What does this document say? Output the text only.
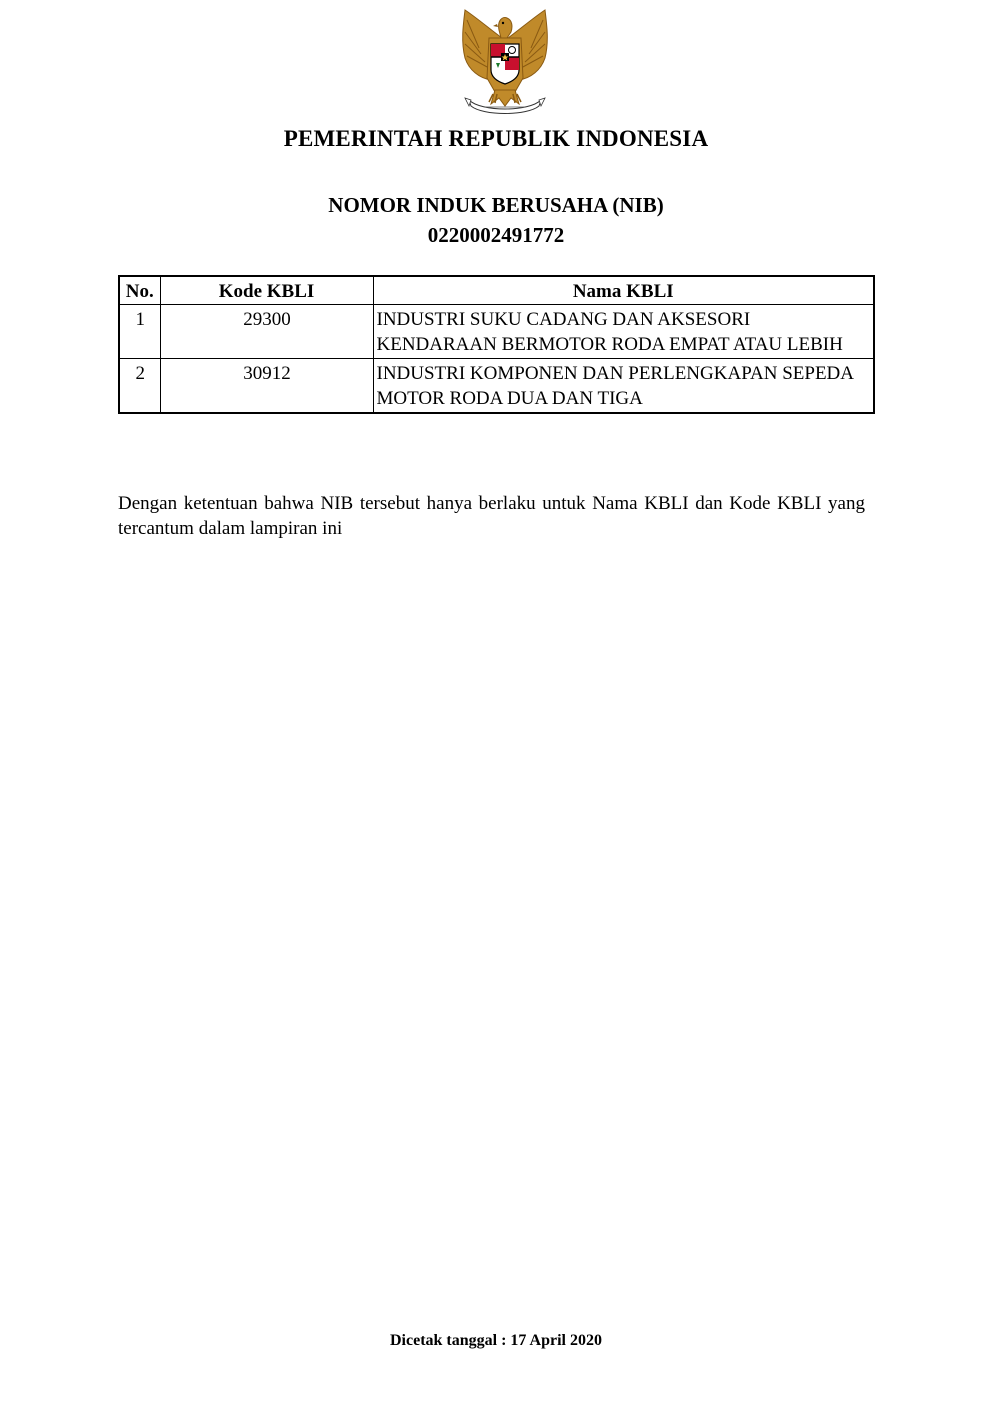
PEMERINTAH REPUBLIK INDONESIA
NOMOR INDUK BERUSAHA (NIB)
0220002491772
No.	Kode KBLI	Nama KBLI
1	29300	INDUSTRI SUKU CADANG DAN AKSESORI KENDARAAN BERMOTOR RODA EMPAT ATAU LEBIH
2	30912	INDUSTRI KOMPONEN DAN PERLENGKAPAN SEPEDA MOTOR RODA DUA DAN TIGA

Dengan ketentuan bahwa NIB tersebut hanya berlaku untuk Nama KBLI dan Kode KBLI yang tercantum dalam lampiran ini

Dicetak tanggal : 17 April 2020
